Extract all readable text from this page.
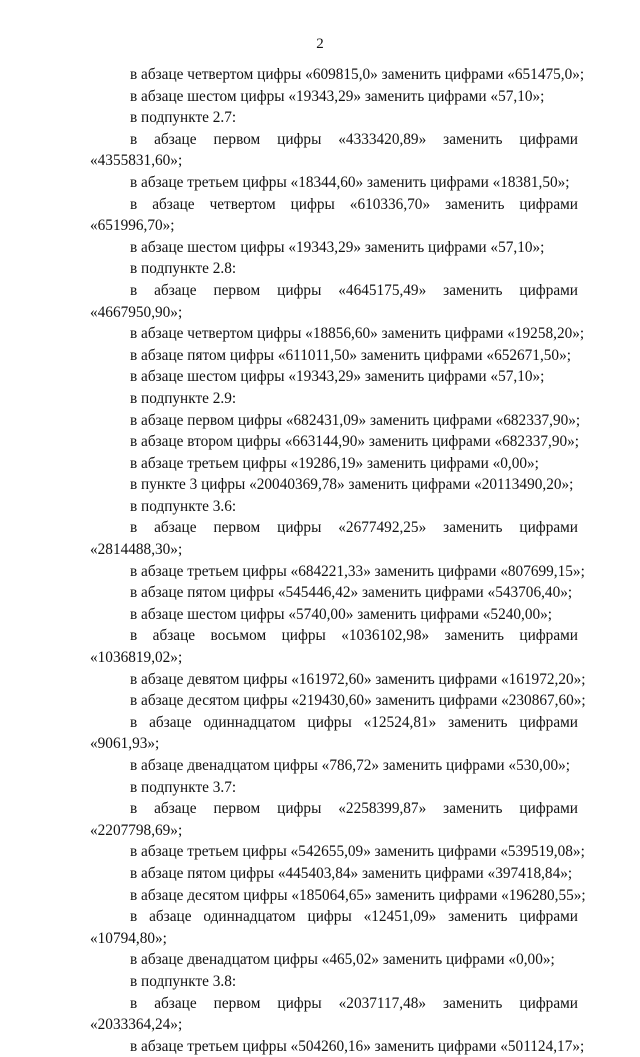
2
в абзаце четвертом цифры «609815,0» заменить цифрами «651475,0»;
в абзаце шестом цифры «19343,29» заменить цифрами «57,10»;
в подпункте 2.7:
в абзаце первом цифры «4333420,89» заменить цифрами
«4355831,60»;
в абзаце третьем цифры «18344,60» заменить цифрами «18381,50»;
в абзаце четвертом цифры «610336,70» заменить цифрами
«651996,70»;
в абзаце шестом цифры «19343,29» заменить цифрами «57,10»;
в подпункте 2.8:
в абзаце первом цифры «4645175,49» заменить цифрами
«4667950,90»;
в абзаце четвертом цифры «18856,60» заменить цифрами «19258,20»;
в абзаце пятом цифры «611011,50» заменить цифрами «652671,50»;
в абзаце шестом цифры «19343,29» заменить цифрами «57,10»;
в подпункте 2.9:
в абзаце первом цифры «682431,09» заменить цифрами «682337,90»;
в абзаце втором цифры «663144,90» заменить цифрами «682337,90»;
в абзаце третьем цифры «19286,19» заменить цифрами «0,00»;
в пункте 3 цифры «20040369,78» заменить цифрами «20113490,20»;
в подпункте 3.6:
в абзаце первом цифры «2677492,25» заменить цифрами
«2814488,30»;
в абзаце третьем цифры «684221,33» заменить цифрами «807699,15»;
в абзаце пятом цифры «545446,42» заменить цифрами «543706,40»;
в абзаце шестом цифры «5740,00» заменить цифрами «5240,00»;
в абзаце восьмом цифры «1036102,98» заменить цифрами
«1036819,02»;
в абзаце девятом цифры «161972,60» заменить цифрами «161972,20»;
в абзаце десятом цифры «219430,60» заменить цифрами «230867,60»;
в абзаце одиннадцатом цифры «12524,81» заменить цифрами
«9061,93»;
в абзаце двенадцатом цифры «786,72» заменить цифрами «530,00»;
в подпункте 3.7:
в абзаце первом цифры «2258399,87» заменить цифрами
«2207798,69»;
в абзаце третьем цифры «542655,09» заменить цифрами «539519,08»;
в абзаце пятом цифры «445403,84» заменить цифрами «397418,84»;
в абзаце десятом цифры «185064,65» заменить цифрами «196280,55»;
в абзаце одиннадцатом цифры «12451,09» заменить цифрами
«10794,80»;
в абзаце двенадцатом цифры «465,02» заменить цифрами «0,00»;
в подпункте 3.8:
в абзаце первом цифры «2037117,48» заменить цифрами
«2033364,24»;
в абзаце третьем цифры «504260,16» заменить цифрами «501124,17»;
